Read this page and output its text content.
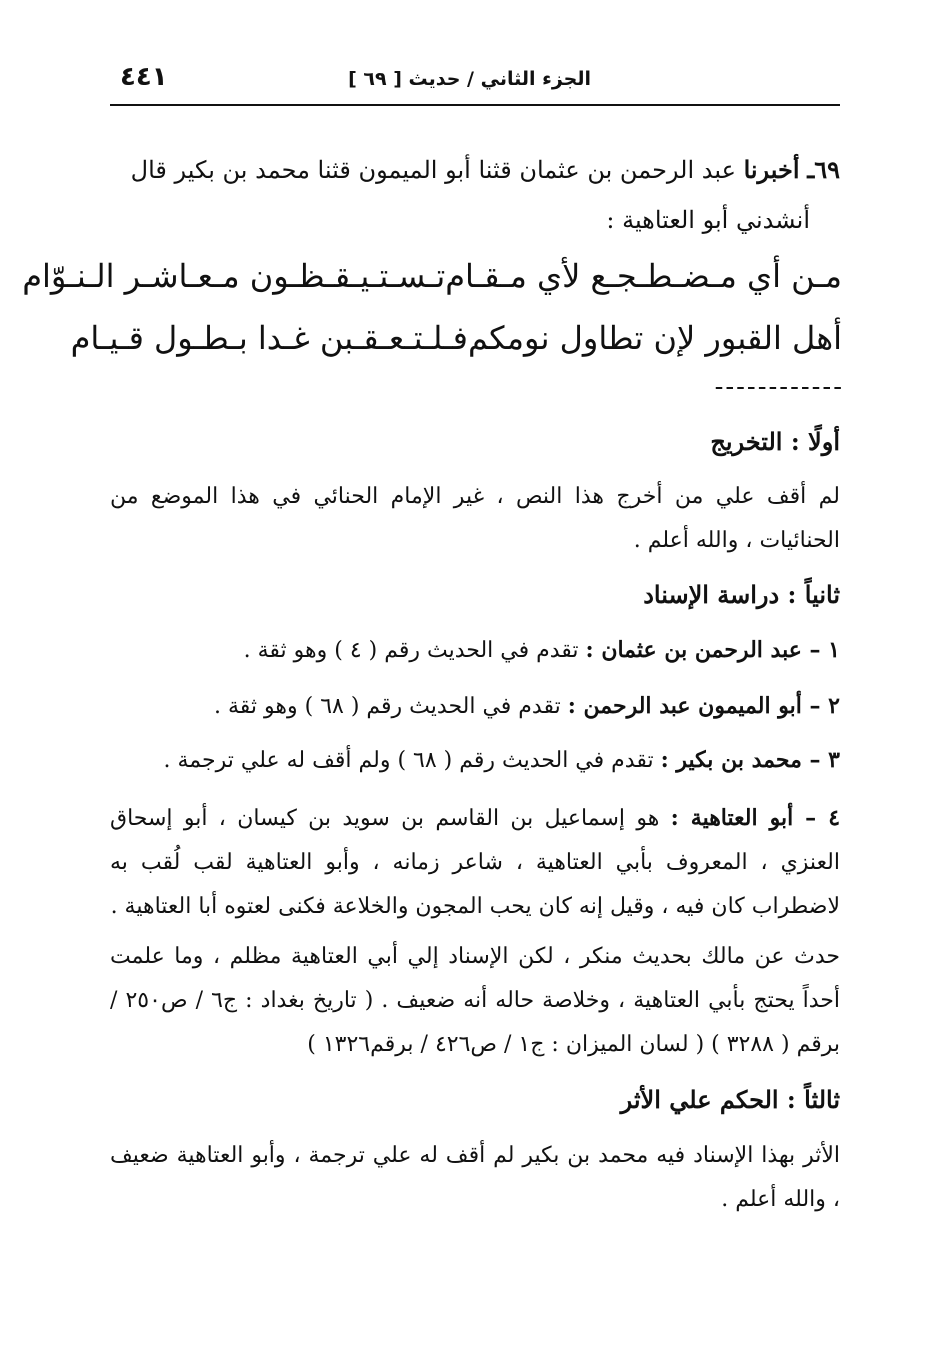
الجزء الثاني / حديث [ ٦٩ ]
٤٤١
٦٩ـ أخبرنا عبد الرحمن بن عثمان قثنا أبو الميمون قثنا محمد بن بكير قال
أنشدني أبو العتاهية :
مـن أي مـضـطـجـع لأي مـقـام
تـسـتـيـقـظـون مـعـاشـر الـنـوّام
أهل القبور لإن تطاول نومكم
فـلـتـعـقـبن غـدا بـطـول قـيـام
------------
أولًا : التخريج
لم أقف علي من أخرج هذا النص ، غير الإمام الحنائي في هذا الموضع من الحنائيات ، والله أعلم .
ثانياً : دراسة الإسناد
١ – عبد الرحمن بن عثمان : تقدم في الحديث رقم ( ٤ ) وهو ثقة .
٢ – أبو الميمون عبد الرحمن : تقدم في الحديث رقم ( ٦٨ ) وهو ثقة .
٣ – محمد بن بكير : تقدم في الحديث رقم ( ٦٨ ) ولم أقف له علي ترجمة .
٤ – أبو العتاهية : هو إسماعيل بن القاسم بن سويد بن كيسان ، أبو إسحاق العنزي ، المعروف بأبي العتاهية ، شاعر زمانه ، وأبو العتاهية لقب لُقب به لاضطراب كان فيه ، وقيل إنه كان يحب المجون والخلاعة فكنى لعتوه أبا العتاهية .
حدث عن مالك بحديث منكر ، لكن الإسناد إلي أبي العتاهية مظلم ، وما علمت أحداً يحتج بأبي العتاهية ، وخلاصة حاله أنه ضعيف . ( تاريخ بغداد : ج٦ / ص٢٥٠ / برقم ( ٣٢٨٨ ) ( لسان الميزان : ج١ / ص٤٢٦ / برقم١٣٢٦ )
ثالثاً : الحكم علي الأثر
الأثر بهذا الإسناد فيه محمد بن بكير لم أقف له علي ترجمة ، وأبو العتاهية ضعيف ، والله أعلم .
